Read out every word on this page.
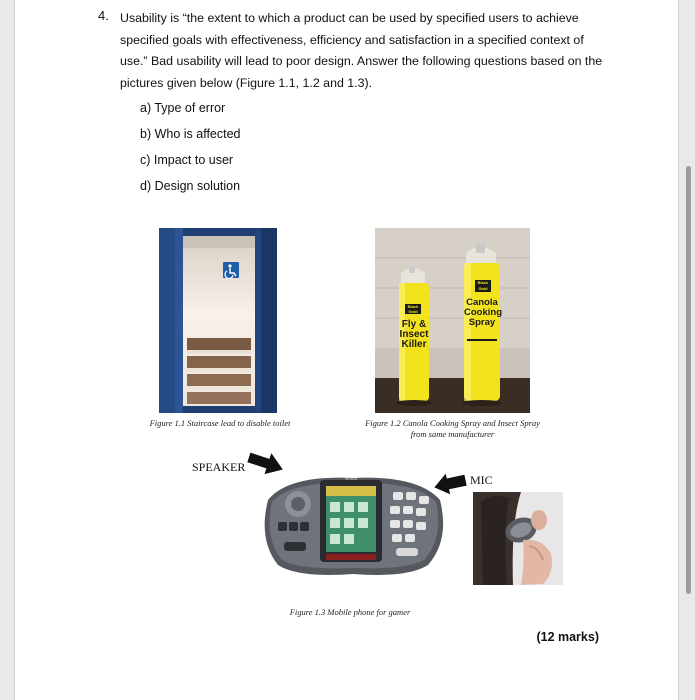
4. Usability is “the extent to which a product can be used by specified users to achieve specified goals with effectiveness, efficiency and satisfaction in a specified context of use.” Bad usability will lead to poor design. Answer the following questions based on the pictures given below (Figure 1.1, 1.2 and 1.3).
a) Type of error
b) Who is affected
c) Impact to user
d) Design solution
Figure 1.1 Staircase lead to disable toilet
Black Gold
Fly & Insect Killer
Black Gold
Canola Cooking Spray
Figure 1.2 Canola Cooking Spray and Insect Spray
from same manufacturer
SPEAKER
MIC
NOKIA
Figure 1.3 Mobile phone for gamer
(12 marks)
